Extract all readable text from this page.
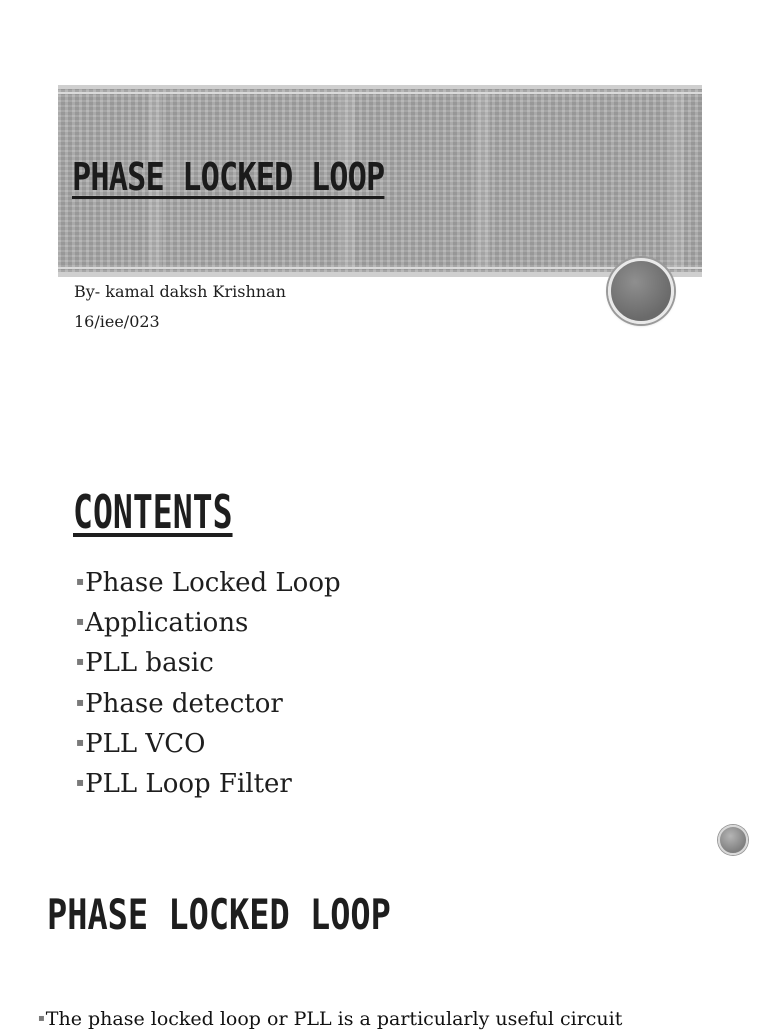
PHASE LOCKED LOOP
By- kamal daksh Krishnan
16/iee/023
CONTENTS
▪Phase Locked Loop
▪Applications
▪PLL basic
▪Phase detector
▪PLL VCO
▪PLL Loop Filter
PHASE LOCKED LOOP
▪The phase locked loop or PLL is a particularly useful circuit
